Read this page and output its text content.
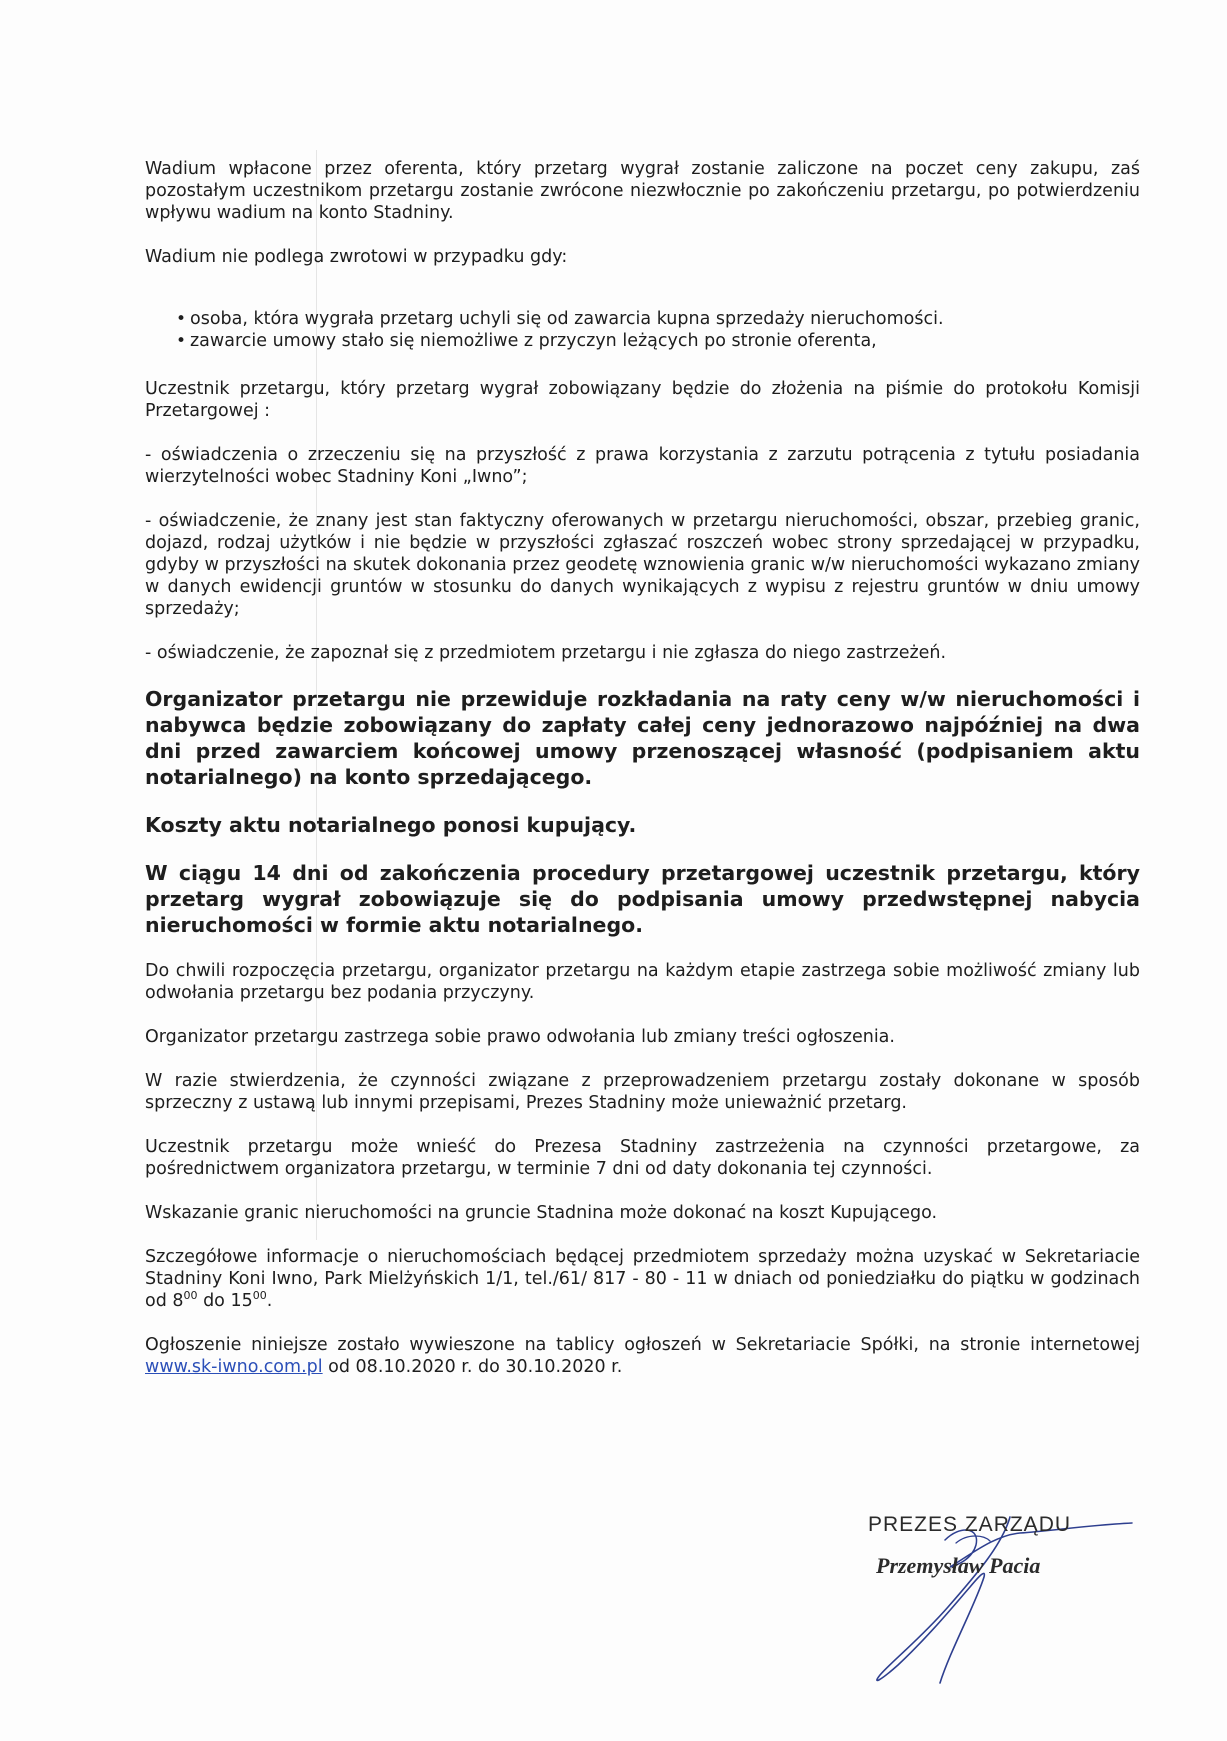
Wadium wpłacone przez oferenta, który przetarg wygrał zostanie zaliczone na poczet ceny zakupu, zaś pozostałym uczestnikom przetargu zostanie zwrócone niezwłocznie po zakończeniu przetargu, po potwierdzeniu wpływu wadium na konto Stadniny.

Wadium nie podlega zwrotowi w przypadku gdy:

• osoba, która wygrała przetarg uchyli się od zawarcia kupna sprzedaży nieruchomości.
• zawarcie umowy stało się niemożliwe z przyczyn leżących po stronie oferenta,

Uczestnik przetargu, który przetarg wygrał zobowiązany będzie do złożenia na piśmie do protokołu Komisji Przetargowej :

- oświadczenia o zrzeczeniu się na przyszłość z prawa korzystania z zarzutu potrącenia z tytułu posiadania wierzytelności wobec Stadniny Koni „Iwno”;

- oświadczenie, że znany jest stan faktyczny oferowanych w przetargu nieruchomości, obszar, przebieg granic, dojazd, rodzaj użytków i nie będzie w przyszłości zgłaszać roszczeń wobec strony sprzedającej w przypadku, gdyby w przyszłości na skutek dokonania przez geodetę wznowienia granic w/w nieruchomości wykazano zmiany w danych ewidencji gruntów w stosunku do danych wynikających z wypisu z rejestru gruntów w dniu umowy sprzedaży;

- oświadczenie, że zapoznał się z przedmiotem przetargu i nie zgłasza do niego zastrzeżeń.

Organizator przetargu nie przewiduje rozkładania na raty ceny w/w nieruchomości i nabywca będzie zobowiązany do zapłaty całej ceny jednorazowo najpóźniej na dwa dni przed zawarciem końcowej umowy przenoszącej własność (podpisaniem aktu notarialnego) na konto sprzedającego.

Koszty aktu notarialnego ponosi kupujący.

W ciągu 14 dni od zakończenia procedury przetargowej uczestnik przetargu, który przetarg wygrał zobowiązuje się do podpisania umowy przedwstępnej nabycia nieruchomości w formie aktu notarialnego.

Do chwili rozpoczęcia przetargu, organizator przetargu na każdym etapie zastrzega sobie możliwość zmiany lub odwołania przetargu bez podania przyczyny.

Organizator przetargu zastrzega sobie prawo odwołania lub zmiany treści ogłoszenia.

W razie stwierdzenia, że czynności związane z przeprowadzeniem przetargu zostały dokonane w sposób sprzeczny z ustawą lub innymi przepisami, Prezes Stadniny może unieważnić przetarg.

Uczestnik przetargu może wnieść do Prezesa Stadniny zastrzeżenia na czynności przetargowe, za pośrednictwem organizatora przetargu, w terminie 7 dni od daty dokonania tej czynności.

Wskazanie granic nieruchomości na gruncie Stadnina może dokonać na koszt Kupującego.

Szczegółowe informacje o nieruchomościach będącej przedmiotem sprzedaży można uzyskać w Sekretariacie Stadniny Koni Iwno, Park Mielżyńskich 1/1, tel./61/ 817 - 80 - 11 w dniach od poniedziałku do piątku w godzinach od $8^{00}$ do $15^{00}$.

Ogłoszenie niniejsze zostało wywieszone na tablicy ogłoszeń w Sekretariacie Spółki, na stronie internetowej www.sk-iwno.com.pl od 08.10.2020 r. do 30.10.2020 r.

PREZES ZARZĄDU
Przemysław Pacia
